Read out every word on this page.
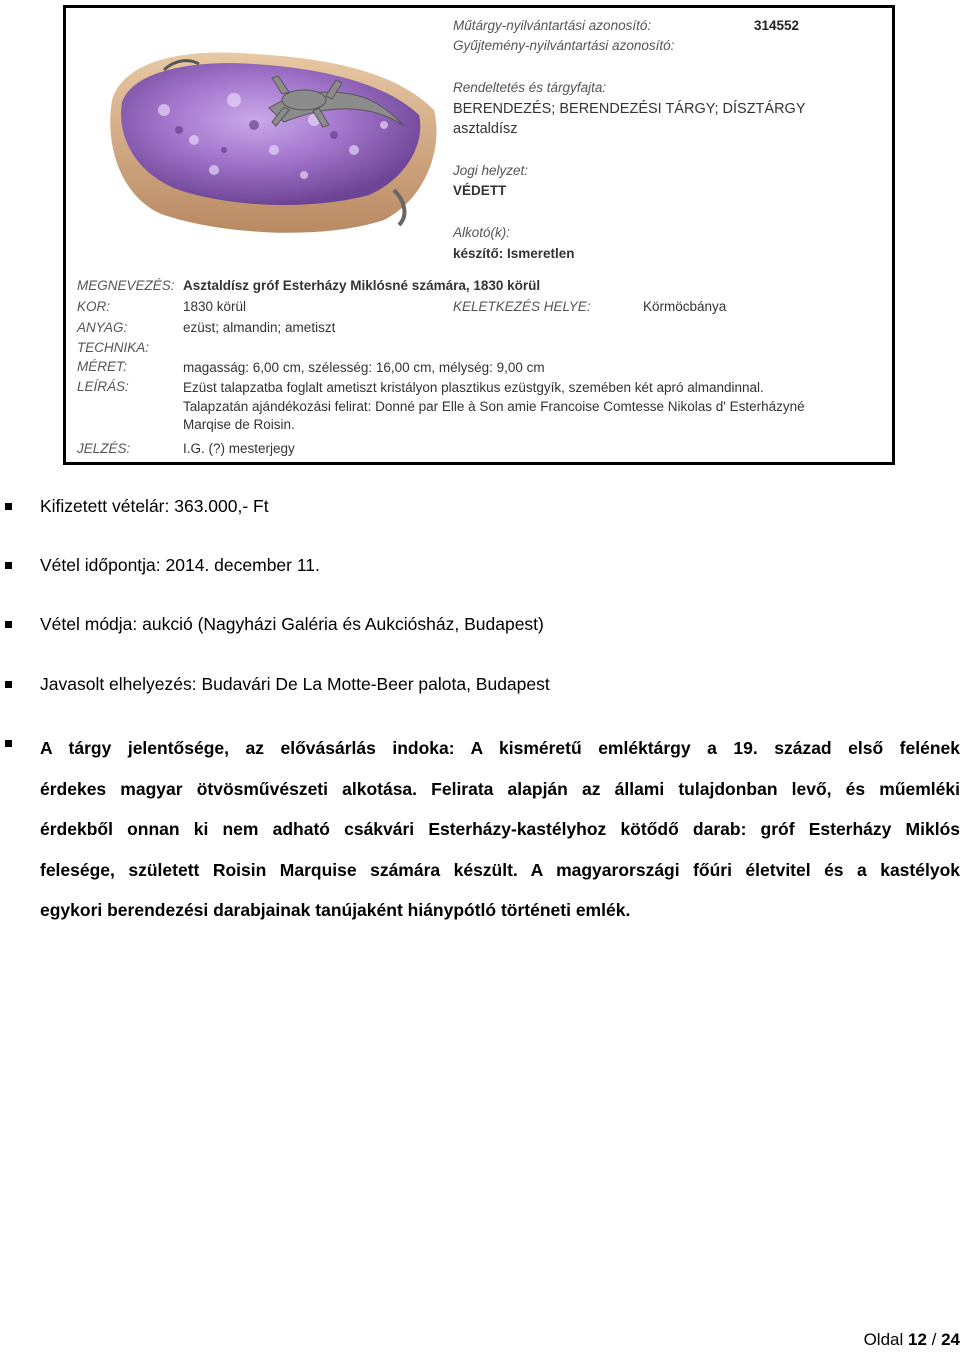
Műtárgy-nyilvántartási azonosító:	314552
Gyűjtemény-nyilvántartási azonosító:
Rendeltetés és tárgyfajta:
BERENDEZÉS; BERENDEZÉSI TÁRGY; DÍSZTÁRGY
asztaldísz
Jogi helyzet:
VÉDETT
Alkotó(k):
készítő: Ismeretlen
MEGNEVEZÉS: Asztaldísz gróf Esterházy Miklósné számára, 1830 körül
KOR:	1830 körül	KELETKEZÉS HELYE:	Körmöcbánya
ANYAG:	ezüst; almandin; ametiszt
TECHNIKA:
MÉRET:	magasság: 6,00 cm, szélesség: 16,00 cm, mélység: 9,00 cm
LEÍRÁS:	Ezüst talapzatba foglalt ametiszt kristályon plasztikus ezüstgyík, szemében két apró almandinnal.
Talapzatán ajándékozási felirat: Donné par Elle à Son amie Francoise Comtesse Nikolas d' Esterházyné
Marqise de Roisin.
JELZÉS:	I.G. (?) mesterjegy
Kifizetett vételár: 363.000,- Ft
Vétel időpontja: 2014. december 11.
Vétel módja: aukció (Nagyházi Galéria és Aukciósház, Budapest)
Javasolt elhelyezés: Budavári De La Motte-Beer palota, Budapest
A tárgy jelentősége, az elővásárlás indoka: A kisméretű emléktárgy a 19. század első felének
érdekes magyar ötvösművészeti alkotása. Felirata alapján az állami tulajdonban levő, és műemléki
érdekből onnan ki nem adható csákvári Esterházy-kastélyhoz kötődő darab: gróf Esterházy Miklós
felesége, született Roisin Marquise számára készült. A magyarországi főúri életvitel és a kastélyok
egykori berendezési darabjainak tanújaként hiánypótló történeti emlék.
Oldal 12 / 24
